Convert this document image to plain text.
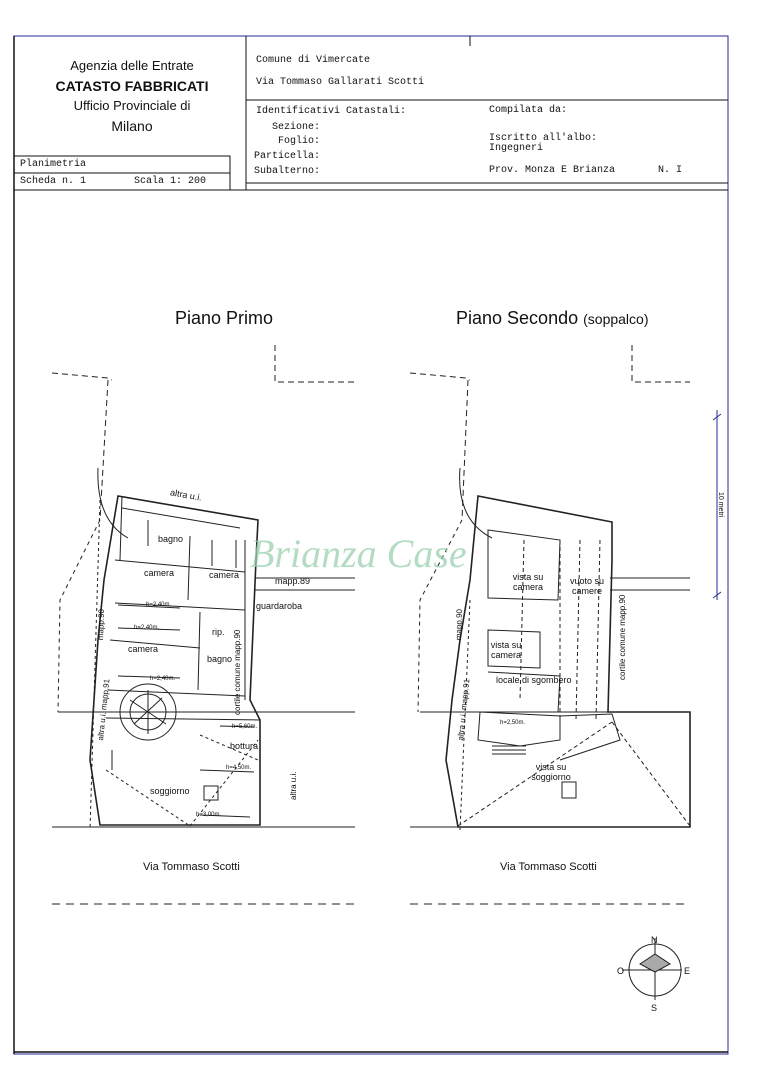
Agenzia delle Entrate
CATASTO FABBRICATI
Ufficio Provinciale di
Milano
Comune di Vimercate
Via Tommaso Gallarati Scotti
Identificativi Catastali:
Sezione:
Foglio:
Particella:
Subalterno:
Compilata da:
Iscritto all'albo:
Ingegneri
Prov. Monza E Brianza	N. I
Planimetria
Scheda n. 1	Scala 1: 200
Piano Primo	Piano Secondo (soppalco)
altra u.i.
bagno
camera	camera
mapp.89
guardaroba
rip.
camera
bagno
bottura
soggiorno
h=2,40m.
h=2,40m.
h=2,40m.
h=4,50m.
h=3,00m.
mapp.90
altra u.i. mapp.91	cortile comune mapp.90
altra u.i.
h=5,60m.
Via Tommaso Scotti
vista su camera
vuoto su camere
vista su camera
locale di sgombero
vista su soggiorno
mapp.90
altra u.i. mapp.91
cortile comune mapp.90
h=2,50m.
Via Tommaso Scotti
10 metri
Brianza Case
N
S
E
O
